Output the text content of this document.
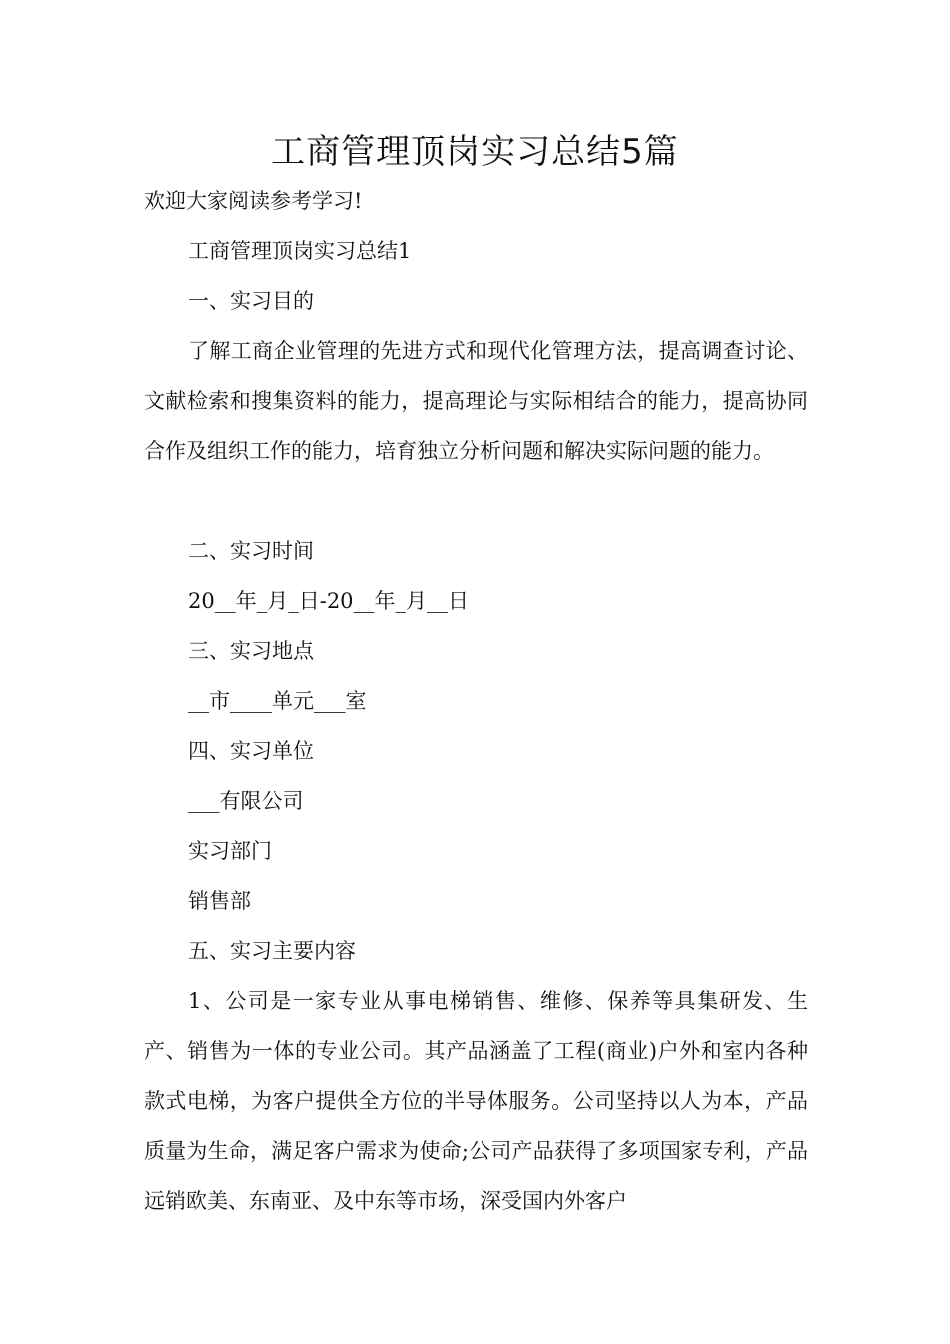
工商管理顶岗实习总结5篇
欢迎大家阅读参考学习!
工商管理顶岗实习总结1
一、实习目的
了解工商企业管理的先进方式和现代化管理方法，提高调查讨论、文献检索和搜集资料的能力，提高理论与实际相结合的能力，提高协同合作及组织工作的能力，培育独立分析问题和解决实际问题的能力。
二、实习时间
20__年_月_日-20__年_月__日
三、实习地点
__市____单元___室
四、实习单位
___有限公司
实习部门
销售部
五、实习主要内容
1、公司是一家专业从事电梯销售、维修、保养等具集研发、生产、销售为一体的专业公司。其产品涵盖了工程(商业)户外和室内各种款式电梯，为客户提供全方位的半导体服务。公司坚持以人为本，产品质量为生命，满足客户需求为使命;公司产品获得了多项国家专利，产品远销欧美、东南亚、及中东等市场，深受国内外客户
